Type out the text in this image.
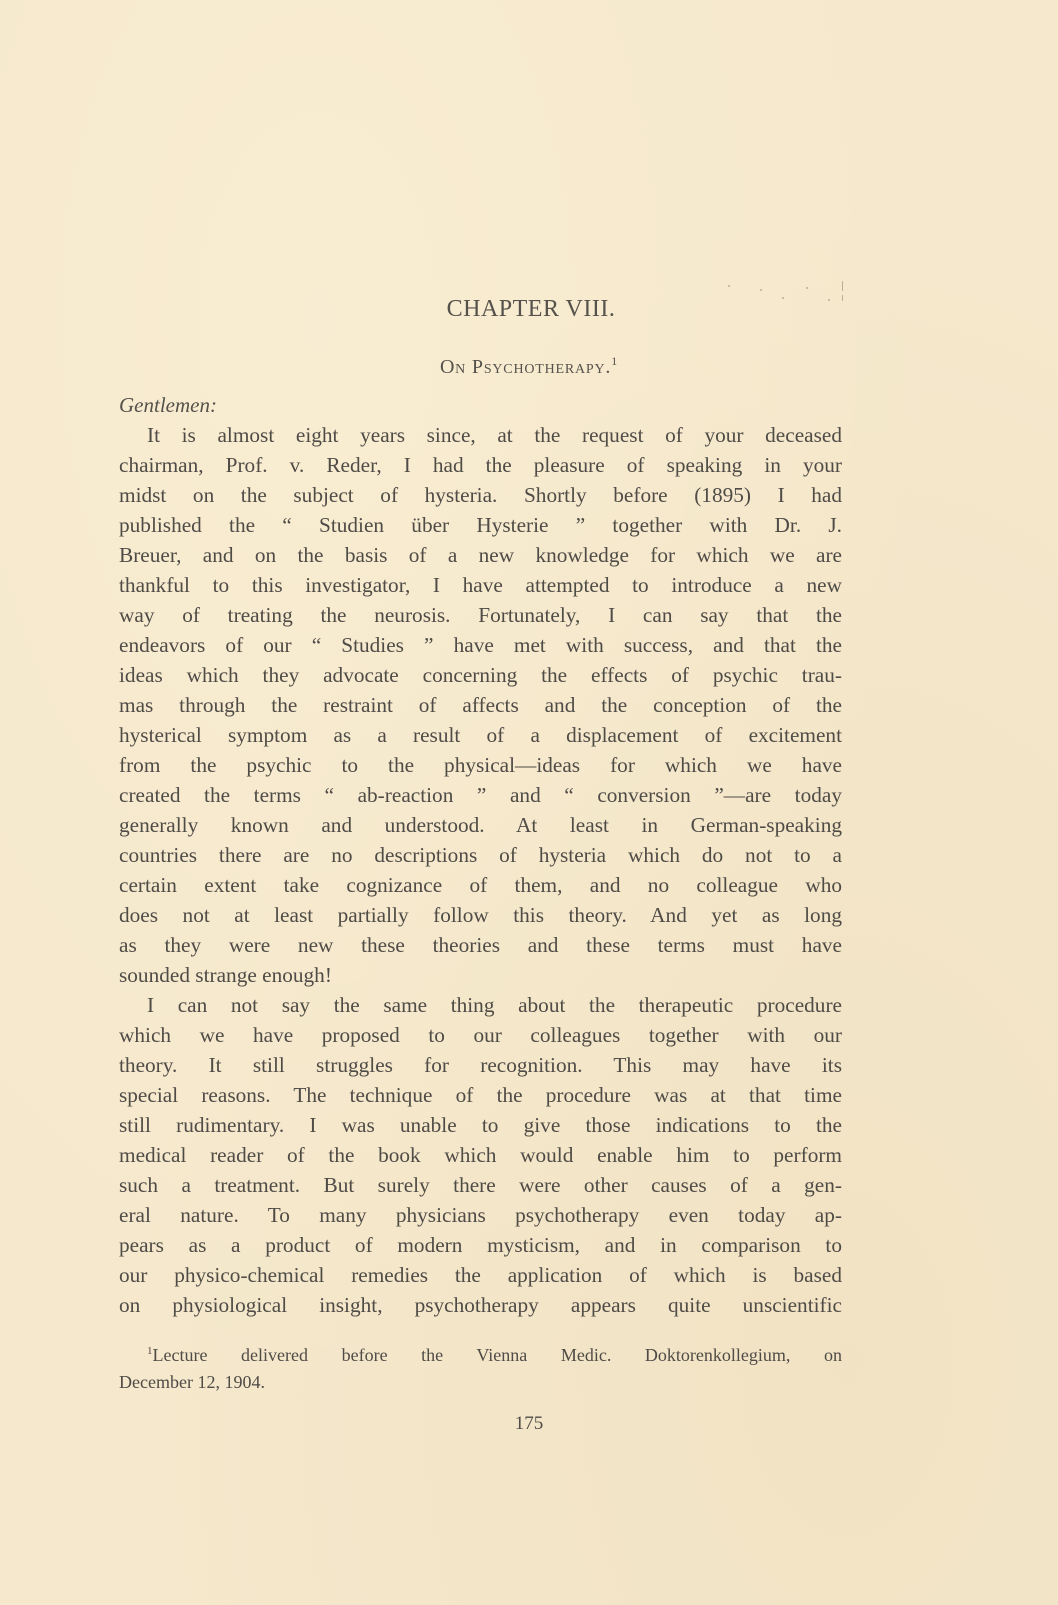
CHAPTER VIII.
On Psychotherapy.$^1$
Gentlemen:
It is almost eight years since, at the request of your deceased
chairman, Prof. v. Reder, I had the pleasure of speaking in your
midst on the subject of hysteria. Shortly before (1895) I had
published the “ Studien über Hysterie ” together with Dr. J.
Breuer, and on the basis of a new knowledge for which we are
thankful to this investigator, I have attempted to introduce a new
way of treating the neurosis. Fortunately, I can say that the
endeavors of our “ Studies ” have met with success, and that the
ideas which they advocate concerning the effects of psychic trau-
mas through the restraint of affects and the conception of the
hysterical symptom as a result of a displacement of excitement
from the psychic to the physical—ideas for which we have
created the terms “ ab-reaction ” and “ conversion ”—are today
generally known and understood. At least in German-speaking
countries there are no descriptions of hysteria which do not to a
certain extent take cognizance of them, and no colleague who
does not at least partially follow this theory. And yet as long
as they were new these theories and these terms must have
sounded strange enough!
I can not say the same thing about the therapeutic procedure
which we have proposed to our colleagues together with our
theory. It still struggles for recognition. This may have its
special reasons. The technique of the procedure was at that time
still rudimentary. I was unable to give those indications to the
medical reader of the book which would enable him to perform
such a treatment. But surely there were other causes of a gen-
eral nature. To many physicians psychotherapy even today ap-
pears as a product of modern mysticism, and in comparison to
our physico-chemical remedies the application of which is based
on physiological insight, psychotherapy appears quite unscientific
$^1$Lecture delivered before the Vienna Medic. Doktorenkollegium, on
December 12, 1904.
175
